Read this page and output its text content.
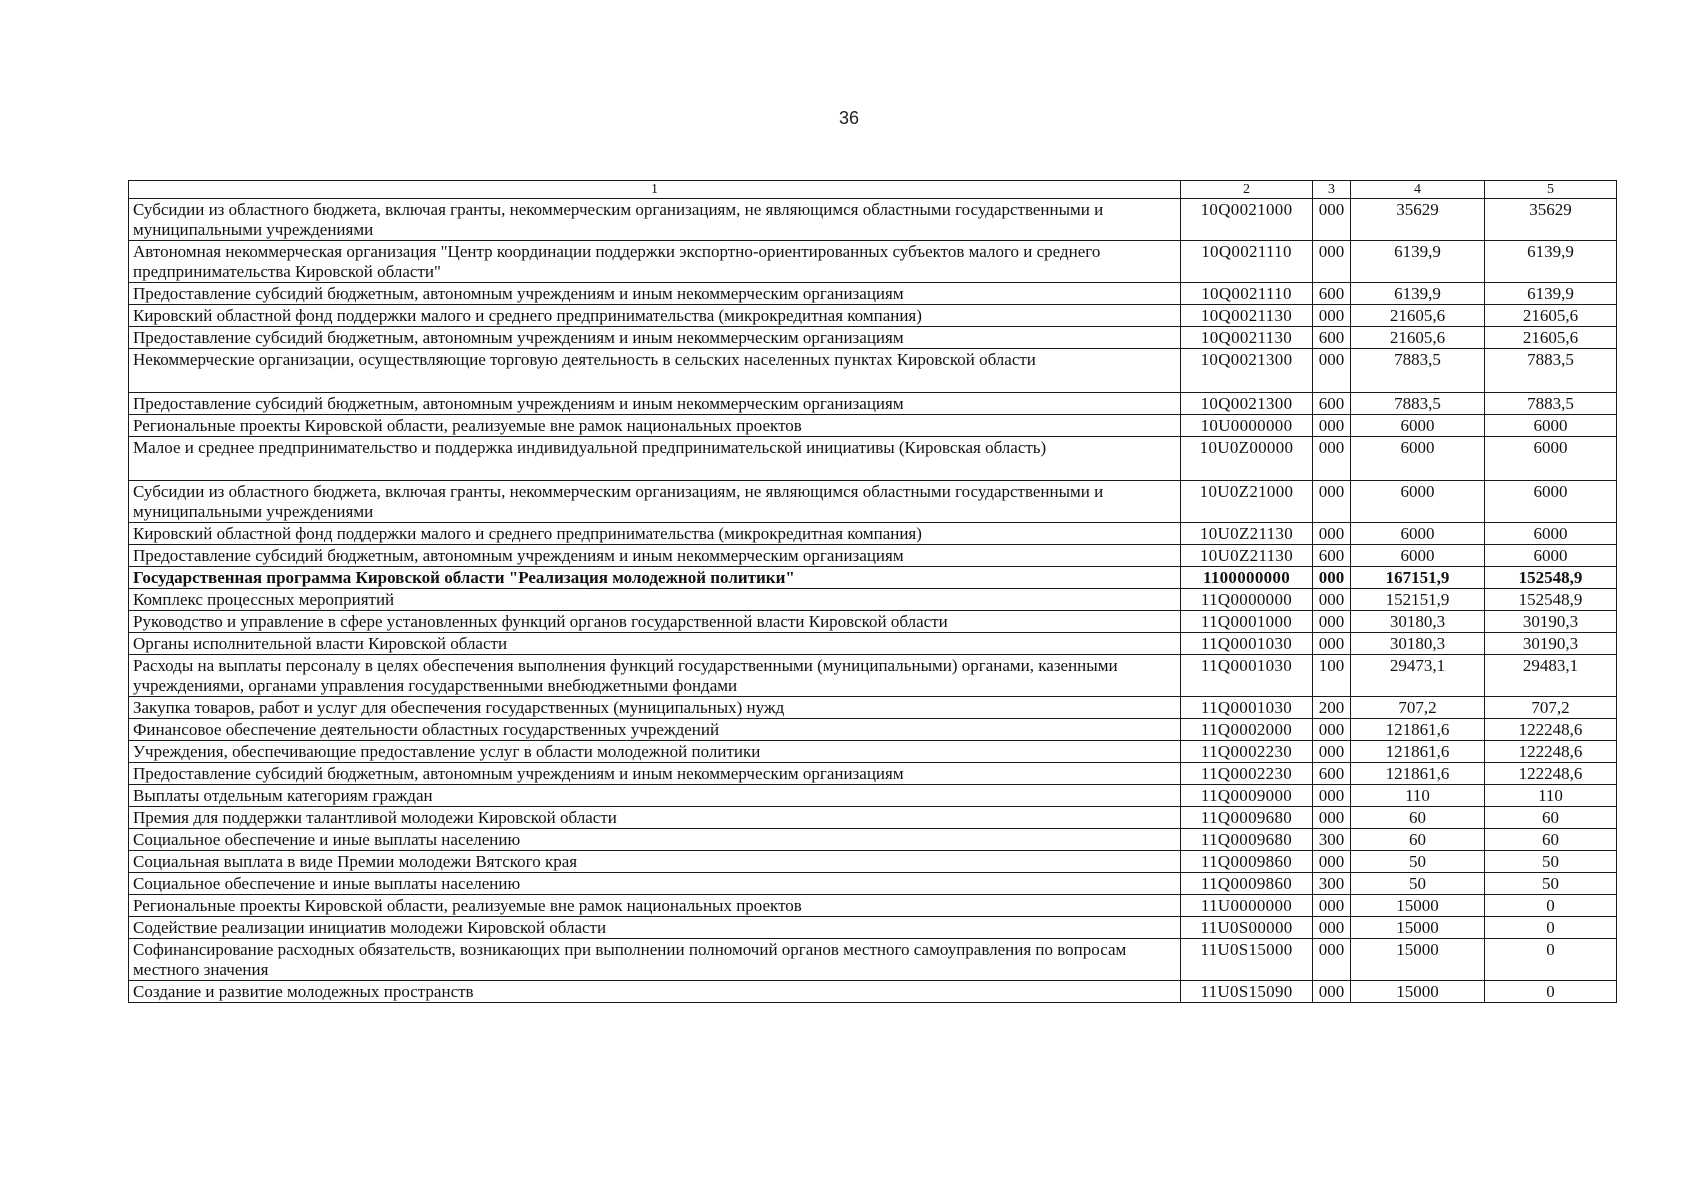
36
1	2	3	4	5
Субсидии из областного бюджета, включая гранты, некоммерческим организациям, не являющимся областными государственными и муниципальными учреждениями	10Q0021000	000	35629	35629
Автономная некоммерческая организация "Центр координации поддержки экспортно-ориентированных субъектов малого и среднего предпринимательства Кировской области"	10Q0021110	000	6139,9	6139,9
Предоставление субсидий бюджетным, автономным учреждениям и иным некоммерческим организациям	10Q0021110	600	6139,9	6139,9
Кировский областной фонд поддержки малого и среднего предпринимательства (микрокредитная компания)	10Q0021130	000	21605,6	21605,6
Предоставление субсидий бюджетным, автономным учреждениям и иным некоммерческим организациям	10Q0021130	600	21605,6	21605,6
Некоммерческие организации, осуществляющие торговую деятельность в сельских населенных пунктах Кировской области	10Q0021300	000	7883,5	7883,5
Предоставление субсидий бюджетным, автономным учреждениям и иным некоммерческим организациям	10Q0021300	600	7883,5	7883,5
Региональные проекты Кировской области, реализуемые вне рамок национальных проектов	10U0000000	000	6000	6000
Малое и среднее предпринимательство и поддержка индивидуальной предпринимательской инициативы (Кировская область)	10U0Z00000	000	6000	6000
Субсидии из областного бюджета, включая гранты, некоммерческим организациям, не являющимся областными государственными и муниципальными учреждениями	10U0Z21000	000	6000	6000
Кировский областной фонд поддержки малого и среднего предпринимательства (микрокредитная компания)	10U0Z21130	000	6000	6000
Предоставление субсидий бюджетным, автономным учреждениям и иным некоммерческим организациям	10U0Z21130	600	6000	6000
Государственная программа Кировской области "Реализация молодежной политики"	1100000000	000	167151,9	152548,9
Комплекс процессных мероприятий	11Q0000000	000	152151,9	152548,9
Руководство и управление в сфере установленных функций органов государственной власти Кировской области	11Q0001000	000	30180,3	30190,3
Органы исполнительной власти Кировской области	11Q0001030	000	30180,3	30190,3
Расходы на выплаты персоналу в целях обеспечения выполнения функций государственными (муниципальными) органами, казенными учреждениями, органами управления государственными внебюджетными фондами	11Q0001030	100	29473,1	29483,1
Закупка товаров, работ и услуг для обеспечения государственных (муниципальных) нужд	11Q0001030	200	707,2	707,2
Финансовое обеспечение деятельности областных государственных учреждений	11Q0002000	000	121861,6	122248,6
Учреждения, обеспечивающие предоставление услуг в области молодежной политики	11Q0002230	000	121861,6	122248,6
Предоставление субсидий бюджетным, автономным учреждениям и иным некоммерческим организациям	11Q0002230	600	121861,6	122248,6
Выплаты отдельным категориям граждан	11Q0009000	000	110	110
Премия для поддержки талантливой молодежи Кировской области	11Q0009680	000	60	60
Социальное обеспечение и иные выплаты населению	11Q0009680	300	60	60
Социальная выплата в виде Премии молодежи Вятского края	11Q0009860	000	50	50
Социальное обеспечение и иные выплаты населению	11Q0009860	300	50	50
Региональные проекты Кировской области, реализуемые вне рамок национальных проектов	11U0000000	000	15000	0
Содействие реализации инициатив молодежи Кировской области	11U0S00000	000	15000	0
Софинансирование расходных обязательств, возникающих при выполнении полномочий органов местного самоуправления по вопросам местного значения	11U0S15000	000	15000	0
Создание и развитие молодежных пространств	11U0S15090	000	15000	0
